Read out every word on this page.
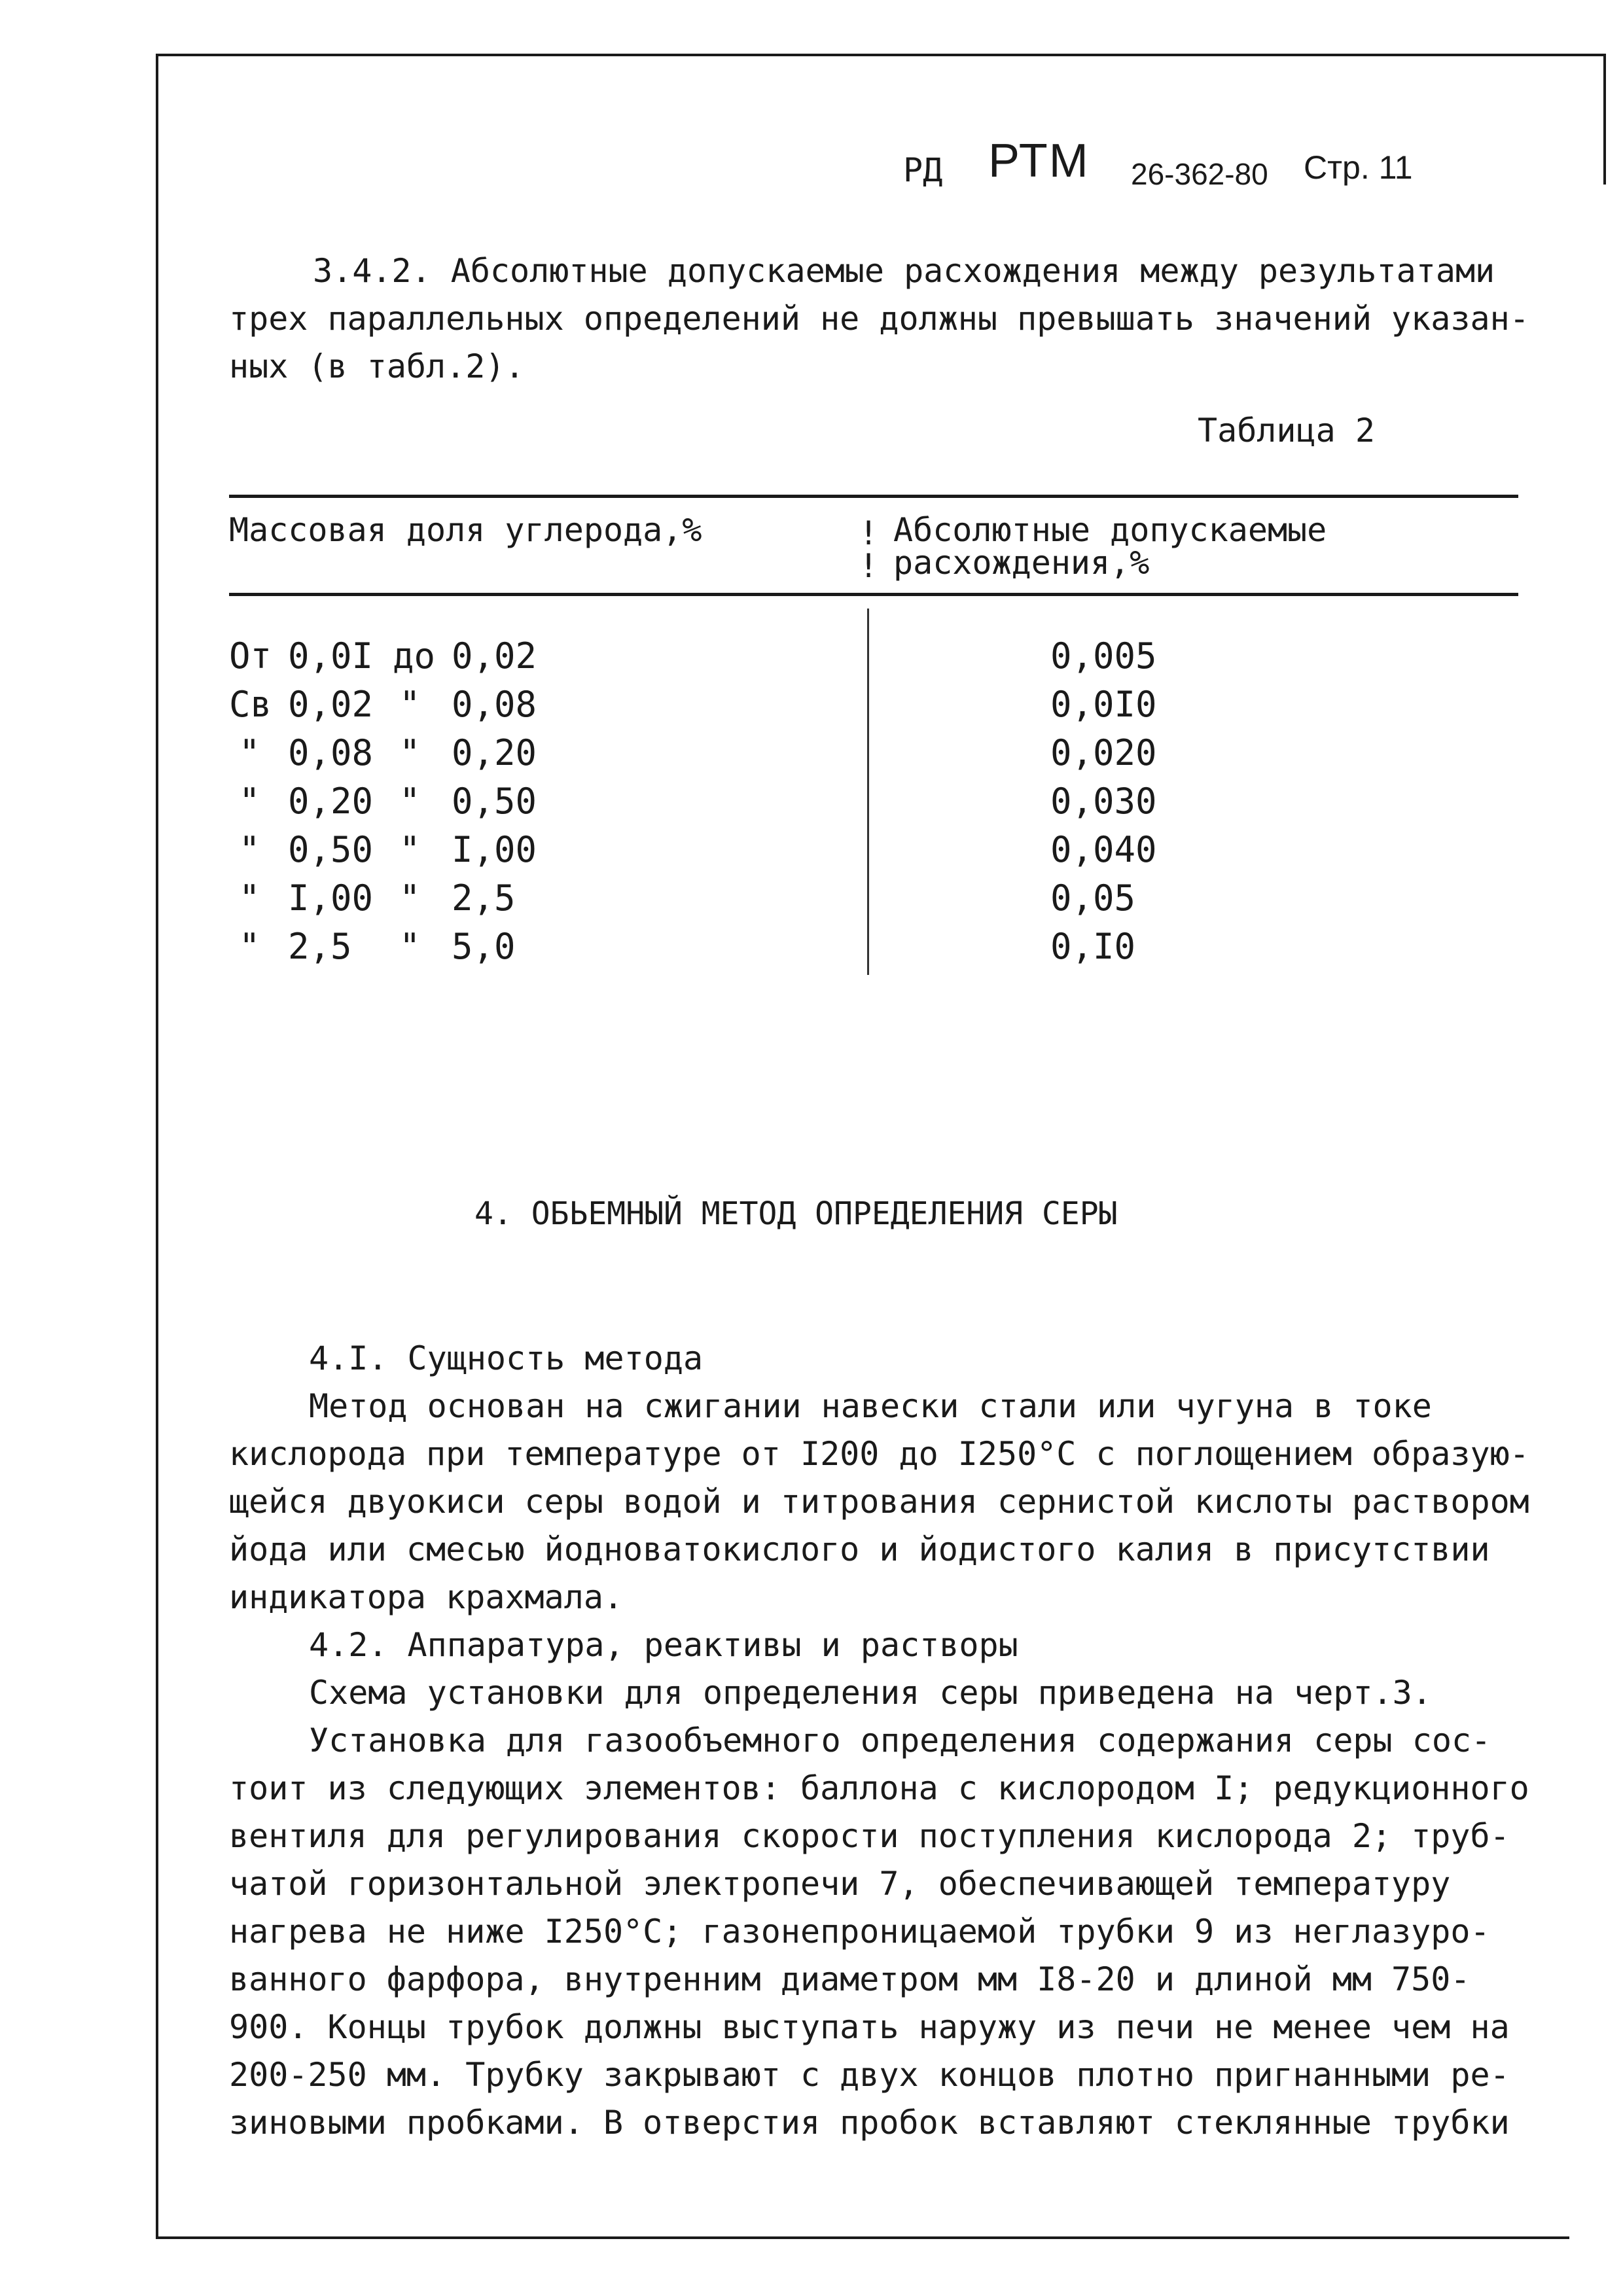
РД РТМ 26-362-80 Стр. 11
3.4.2. Абсолютные допускаемые расхождения между результатами
трех параллельных определений не должны превышать значений указан-
ных (в табл.2).
Таблица 2
Массовая доля углерода,%	!
!
Абсолютные допускаемые
расхождения,%
От 0,0I до 0,02	0,005
Св 0,02 " 0,08	0,0I0
" 0,08 " 0,20	0,020
" 0,20 " 0,50	0,030
" 0,50 " I,00	0,040
" I,00 " 2,5	0,05
" 2,5 " 5,0	0,I0
4. ОБЬЕМНЫЙ МЕТОД ОПРЕДЕЛЕНИЯ СЕРЫ
4.I. Сущность метода
Метод основан на сжигании навески стали или чугуна в токе
кислорода при температуре от I200 до I250°С с поглощением образую-
щейся двуокиси серы водой и титрования сернистой кислоты раствором
йода или смесью йодноватокислого и йодистого калия в присутствии
индикатора крахмала.
4.2. Аппаратура, реактивы и растворы
Схема установки для определения серы приведена на черт.3.
Установка для газообъемного определения содержания серы сос-
тоит из следующих элементов: баллона с кислородом I; редукционного
вентиля для регулирования скорости поступления кислорода 2; труб-
чатой горизонтальной электропечи 7, обеспечивающей температуру
нагрева не ниже I250°С; газонепроницаемой трубки 9 из неглазуро-
ванного фарфора, внутренним диаметром мм I8-20 и длиной мм 750-
900. Концы трубок должны выступать наружу из печи не менее чем на
200-250 мм. Трубку закрывают с двух концов плотно пригнанными ре-
зиновыми пробками. В отверстия пробок вставляют стеклянные трубки
